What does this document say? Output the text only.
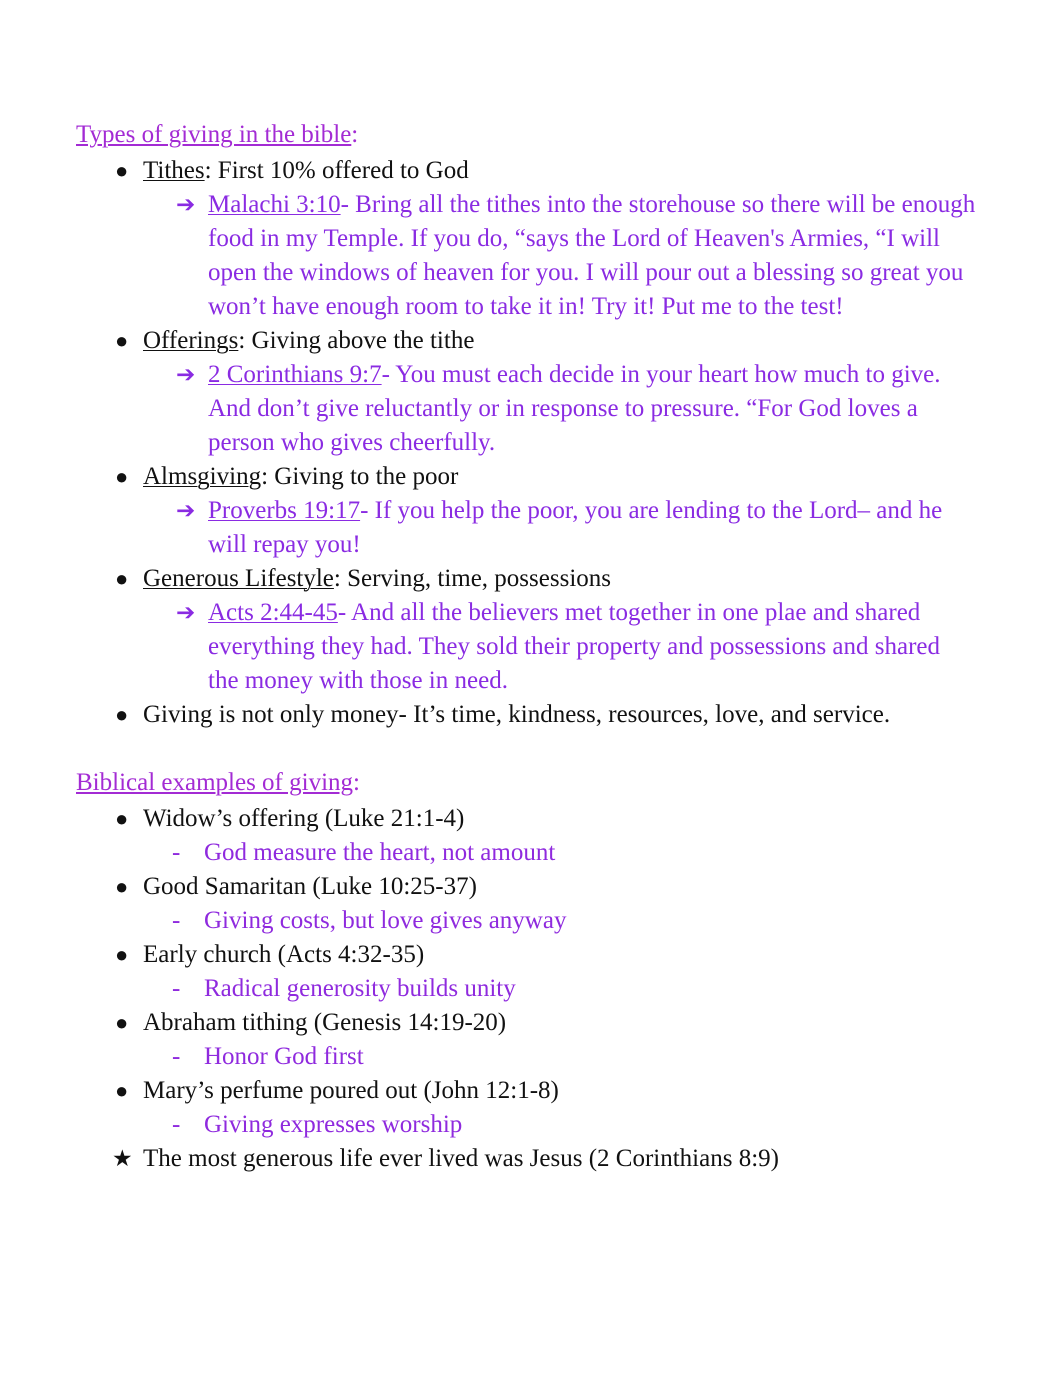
Types of giving in the bible:
● Tithes: First 10% offered to God
➔ Malachi 3:10- Bring all the tithes into the storehouse so there will be enough food in my Temple. If you do, “says the Lord of Heaven's Armies, “I will open the windows of heaven for you. I will pour out a blessing so great you won’t have enough room to take it in! Try it! Put me to the test!
● Offerings: Giving above the tithe
➔ 2 Corinthians 9:7- You must each decide in your heart how much to give. And don’t give reluctantly or in response to pressure. “For God loves a person who gives cheerfully.
● Almsgiving: Giving to the poor
➔ Proverbs 19:17- If you help the poor, you are lending to the Lord– and he will repay you!
● Generous Lifestyle: Serving, time, possessions
➔ Acts 2:44-45- And all the believers met together in one plae and shared everything they had. They sold their property and possessions and shared the money with those in need.
● Giving is not only money- It’s time, kindness, resources, love, and service.
Biblical examples of giving:
● Widow’s offering (Luke 21:1-4)
- God measure the heart, not amount
● Good Samaritan (Luke 10:25-37)
- Giving costs, but love gives anyway
● Early church (Acts 4:32-35)
- Radical generosity builds unity
● Abraham tithing (Genesis 14:19-20)
- Honor God first
● Mary’s perfume poured out (John 12:1-8)
- Giving expresses worship
★ The most generous life ever lived was Jesus (2 Corinthians 8:9)
